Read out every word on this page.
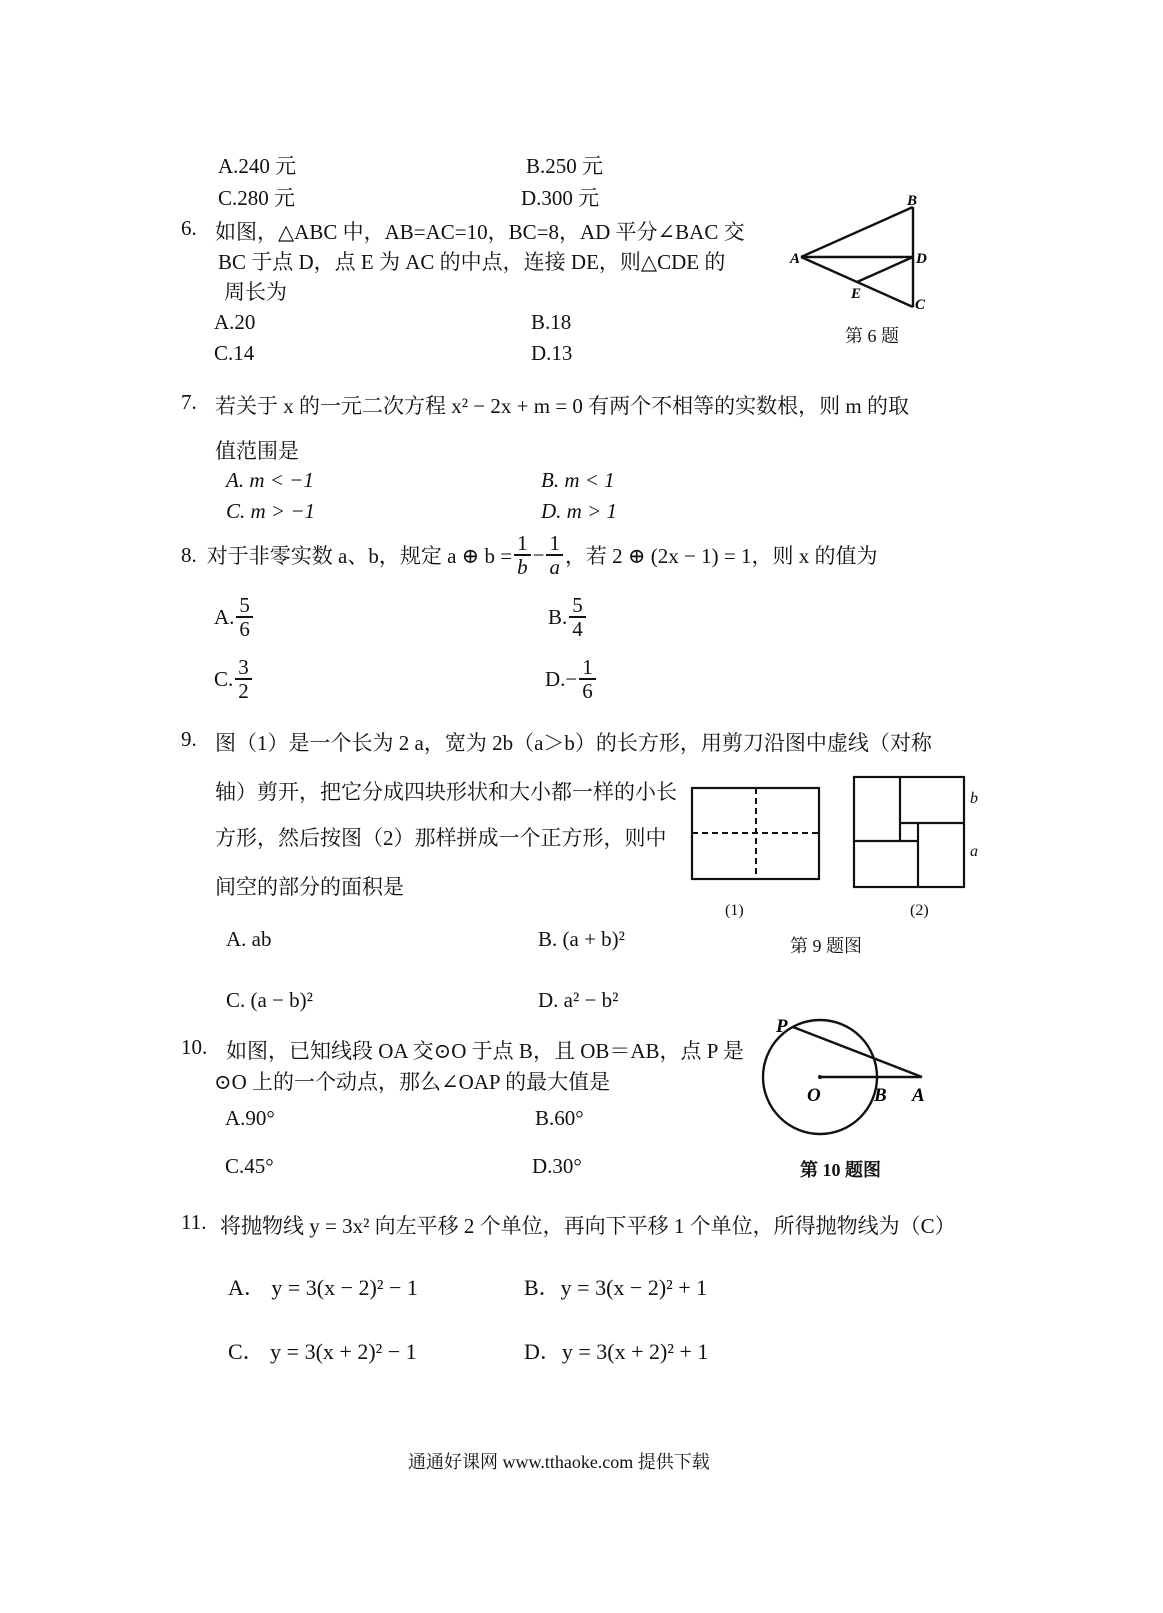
A.240 元	B.250 元
C.280 元	D.300 元
6. 如图，△ABC 中，AB=AC=10，BC=8，AD 平分∠BAC 交
BC 于点 D，点 E 为 AC 的中点，连接 DE，则△CDE 的
周长为
A.20	B.18
C.14	D.13
B
A	D
E
C
第 6 题
7. 若关于 x 的一元二次方程 x² − 2x + m = 0 有两个不相等的实数根，则 m 的取
值范围是
A. m < −1	B. m < 1
C. m > −1	D. m > 1
8. 对于非零实数 a、b，规定 a ⊕ $b = \frac{1}{b} - \frac{1}{a}$ ，若 2 ⊕ (2x − 1) = 1，则 x 的值为
A. $\frac{5}{6}$	B. $\frac{5}{4}$
C. $\frac{3}{2}$	$D.- \frac{1}{6}$
9. 图（1）是一个长为 2 a，宽为 2b（a＞b）的长方形，用剪刀沿图中虚线（对称
轴）剪开，把它分成四块形状和大小都一样的小长
方形，然后按图（2）那样拼成一个正方形，则中
间空的部分的面积是
A. ab	B. (a + b)²
C. (a − b)²	D. a² − b²
b
a
(1)	(2)
第 9 题图
10. 如图，已知线段 OA 交⊙O 于点 B，且 OB＝AB，点 P 是
⊙O 上的一个动点，那么∠OAP 的最大值是
A.90°	B.60°
C.45°	D.30°
P
O	B A
第 10 题图
11. 将抛物线 y = 3x² 向左平移 2 个单位，再向下平移 1 个单位，所得抛物线为（C）
A． y = 3(x − 2)² − 1	B．y = 3(x − 2)² + 1
C． y = 3(x + 2)² − 1	D．y = 3(x + 2)² + 1
通通好课网 www.tthaoke.com 提供下载
